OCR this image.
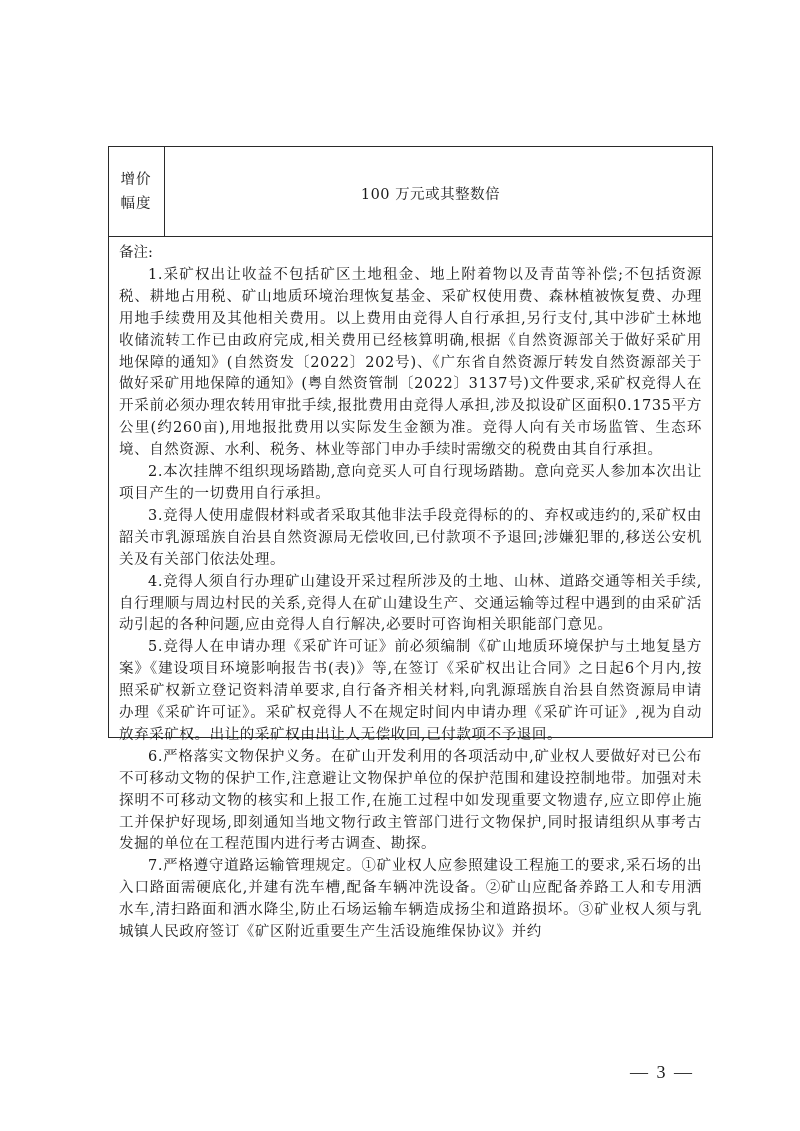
增价幅度
100 万元或其整数倍

备注:

1.采矿权出让收益不包括矿区土地租金、地上附着物以及青苗等补偿;不包括资源税、耕地占用税、矿山地质环境治理恢复基金、采矿权使用费、森林植被恢复费、办理用地手续费用及其他相关费用。以上费用由竞得人自行承担,另行支付,其中涉矿土林地收储流转工作已由政府完成,相关费用已经核算明确,根据《自然资源部关于做好采矿用地保障的通知》(自然资发〔2022〕202号)、《广东省自然资源厅转发自然资源部关于做好采矿用地保障的通知》(粤自然资管制〔2022〕3137号)文件要求,采矿权竞得人在开采前必须办理农转用审批手续,报批费用由竞得人承担,涉及拟设矿区面积0.1735平方公里(约260亩),用地报批费用以实际发生金额为准。竞得人向有关市场监管、生态环境、自然资源、水利、税务、林业等部门申办手续时需缴交的税费由其自行承担。

2.本次挂牌不组织现场踏勘,意向竞买人可自行现场踏勘。意向竞买人参加本次出让项目产生的一切费用自行承担。

3.竞得人使用虚假材料或者采取其他非法手段竞得标的的、弃权或违约的,采矿权由韶关市乳源瑶族自治县自然资源局无偿收回,已付款项不予退回;涉嫌犯罪的,移送公安机关及有关部门依法处理。

4.竞得人须自行办理矿山建设开采过程所涉及的土地、山林、道路交通等相关手续,自行理顺与周边村民的关系,竞得人在矿山建设生产、交通运输等过程中遇到的由采矿活动引起的各种问题,应由竞得人自行解决,必要时可咨询相关职能部门意见。

5.竞得人在申请办理《采矿许可证》前必须编制《矿山地质环境保护与土地复垦方案》《建设项目环境影响报告书(表)》等,在签订《采矿权出让合同》之日起6个月内,按照采矿权新立登记资料清单要求,自行备齐相关材料,向乳源瑶族自治县自然资源局申请办理《采矿许可证》。采矿权竞得人不在规定时间内申请办理《采矿许可证》,视为自动放弃采矿权。出让的采矿权由出让人无偿收回,已付款项不予退回。

6.严格落实文物保护义务。在矿山开发利用的各项活动中,矿业权人要做好对已公布不可移动文物的保护工作,注意避让文物保护单位的保护范围和建设控制地带。加强对未探明不可移动文物的核实和上报工作,在施工过程中如发现重要文物遗存,应立即停止施工并保护好现场,即刻通知当地文物行政主管部门进行文物保护,同时报请组织从事考古发掘的单位在工程范围内进行考古调查、勘探。

7.严格遵守道路运输管理规定。①矿业权人应参照建设工程施工的要求,采石场的出入口路面需硬底化,并建有洗车槽,配备车辆冲洗设备。②矿山应配备养路工人和专用洒水车,清扫路面和洒水降尘,防止石场运输车辆造成扬尘和道路损坏。③矿业权人须与乳城镇人民政府签订《矿区附近重要生产生活设施维保协议》并约

— 3 —
